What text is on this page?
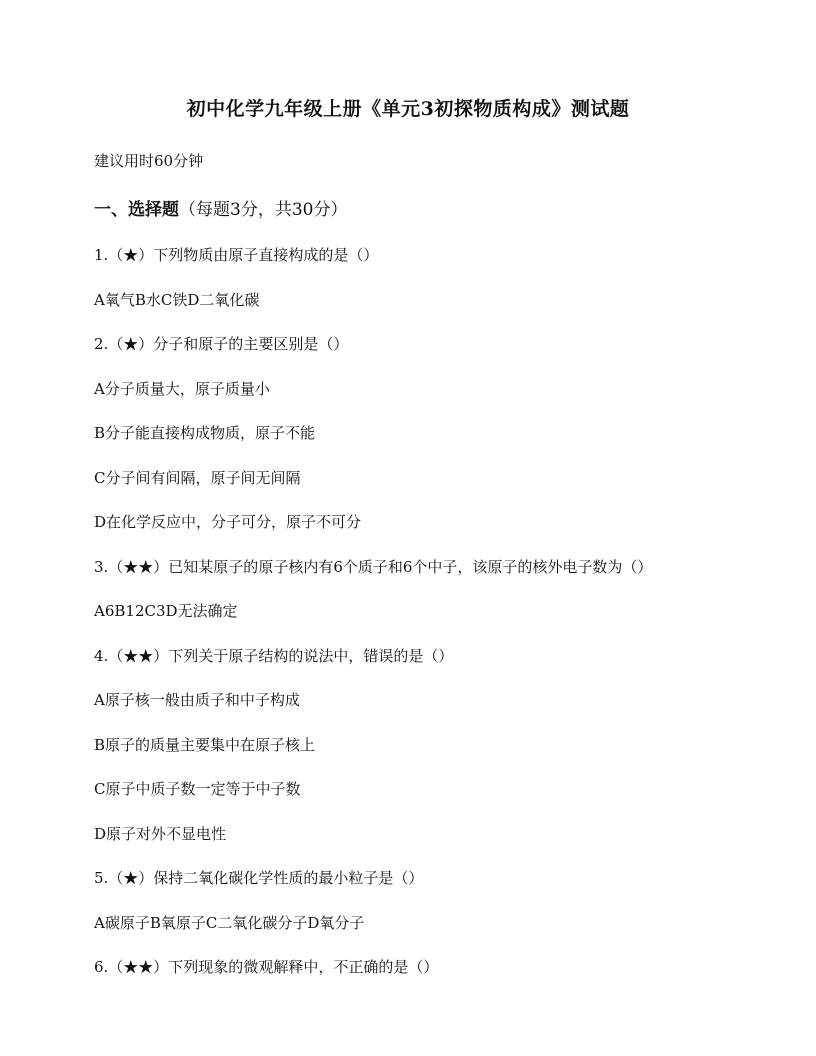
初中化学九年级上册《单元3初探物质构成》测试题
建议用时60分钟
一、选择题（每题3分，共30分）
1.（★）下列物质由原子直接构成的是（）
A氧气B水C铁D二氧化碳
2.（★）分子和原子的主要区别是（）
A分子质量大，原子质量小
B分子能直接构成物质，原子不能
C分子间有间隔，原子间无间隔
D在化学反应中，分子可分，原子不可分
3.（★★）已知某原子的原子核内有6个质子和6个中子，该原子的核外电子数为（）
A6B12C3D无法确定
4.（★★）下列关于原子结构的说法中，错误的是（）
A原子核一般由质子和中子构成
B原子的质量主要集中在原子核上
C原子中质子数一定等于中子数
D原子对外不显电性
5.（★）保持二氧化碳化学性质的最小粒子是（）
A碳原子B氧原子C二氧化碳分子D氧分子
6.（★★）下列现象的微观解释中，不正确的是（）
